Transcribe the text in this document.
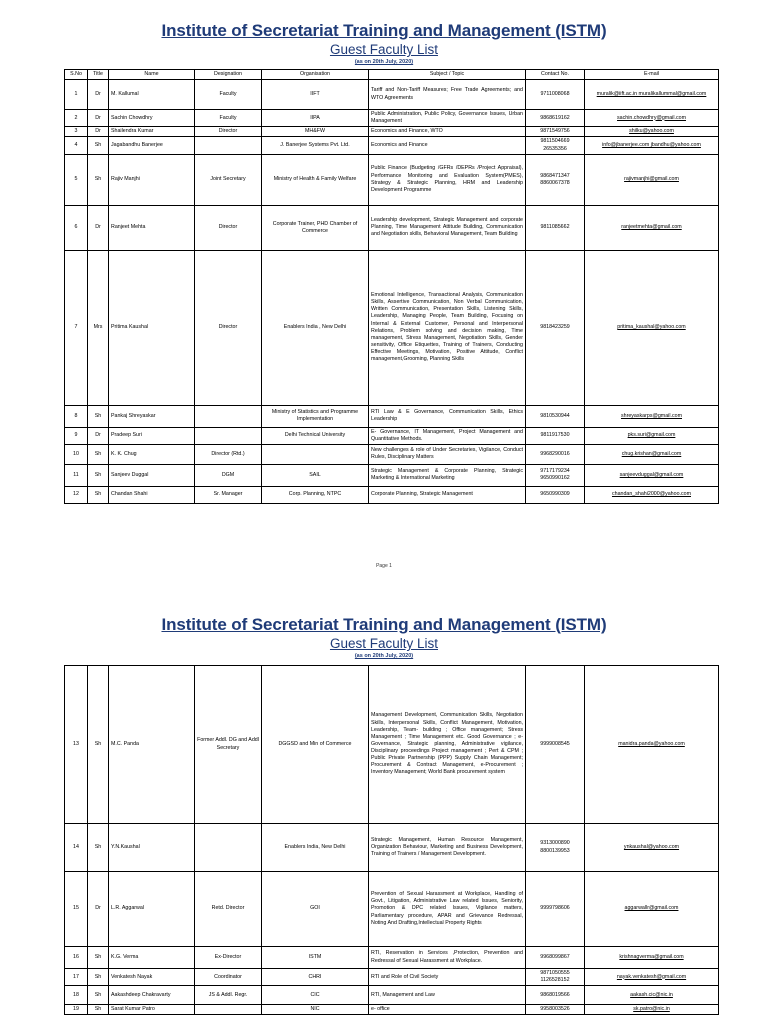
Institute of Secretariat Training and Management (ISTM)
Guest Faculty List
(as on 20th July, 2020)
S.No	Title	Name	Designation	Organisation	Subject / Topic	Contact No.	E-mail
1	Dr	M. Kallumal	Faculty	IIFT	Tariff and Non-Tariff Measures; Free Trade Agreements; and WTO Agreements	9711008068	muralik@iift.ac.in muralikallummal@gmail.com
2	Dr	Sachin Chowdhry	Faculty	IIPA	Public Administration, Public Policy, Governance Issues, Urban Management	9868619162	sachin.chowdhry@gmail.com
3	Dr	Shailendra Kumar	Director	MH&FW	Economics and Finance, WTO	9871549756	shilku@yahoo.com
4	Sh	Jagabandhu Banerjee		J. Banerjee Systems Pvt. Ltd.	Economics and Finance	9811504669 26535356	info@jbanerjee.com jbandhu@yahoo.com
5	Sh	Rajiv Manjhi	Joint Secretary	Ministry of Health & Family Welfare	Public Finance (Budgeting /GFRs /DEPRs /Project Appraisal), Performance Monitoring and Evaluation System(PMES), Strategy & Strategic Planning, HRM and Leadership Development Programme	9868471347 8860067378	rajivmanjhi@gmail.com
6	Dr	Ranjeet Mehta	Director	Corporate Trainer, PHD Chamber of Commerce	Leadership development, Strategic Management and corporate Planning, Time Management Attitude Building, Communication and Negotiation skills, Behavioral Management, Team Building	9811085662	ranjeetmehta@gmail.com
7	Mrs	Pritima Kaushal	Director	Enablers India , New Delhi	Emotional Intelligence, Transactional Analysis, Communication Skills, Assertive Communication, Non Verbal Communication, Written Communication, Presentation Skills, Listening Skills, Leadership, Managing People, Team Building, Focusing on Internal & External Customer, Personal and Interpersonal Relations, Problem solving and decision making, Time management, Stress Management, Negotiation Skills, Gender sensitivity, Office Etiquettes, Training of Trainers, Conducting Effective Meetings, Motivation, Positive Attitude, Conflict management,Grooming, Planning Skills	9818423259	pritima_kaushal@yahoo.com
8	Sh	Pankaj Shreyaskar		Ministry of Statistics and Programme Implementation	RTI Law & E Governance, Communication Skills, Ethics Leadership	9810530944	shreyaskarps@gmail.com
9	Dr	Pradeep Suri		Delhi Technical University	E- Governance, IT Management, Project Management and Quantitative Methods.	9811917530	pks.suri@gmail.com
10	Sh	K. K. Chug	Director (Rtd.)		New challenges & role of Under Secretaries, Vigilance, Conduct Rules, Disciplinary Matters	9968290016	chug.krishan@gmail.com
11	Sh	Sanjeev Duggal	DGM	SAIL	Strategic Management & Corporate Planning, Strategic Marketing & International Marketing	9717179234 9650990162	sanjeevduggal@gmail.com
12	Sh	Chandan Shahi	Sr. Manager	Corp. Planning, NTPC	Corporate Planning, Strategic Management	9650990309	chandan_shahi2000@yahoo.com
Page 1
Institute of Secretariat Training and Management (ISTM)
Guest Faculty List
(as on 20th July, 2020)
13	Sh	M.C. Panda	Former Addl. DG and Addl Secretary	DGGSD and Min of Commerce	Management Development, Communication Skills, Negotiation Skills, Interpersonal Skills, Conflict Management, Motivation, Leadership, Team- building ; Office management; Stress Management ; Time Management etc. Good Governance ; e-Governance, Strategic planning, Administrative vigilance, Disciplinary proceedings Project management ; Pert & CPM ; Public Private Partnership (PPP) Supply Chain Management; Procurement & Contract Management, e-Procurement ; Inventory Management; World Bank procurement system	9999008545	manidra.panda@yahoo.com
14	Sh	Y.N.Kaushal		Enablers India, New Delhi	Strategic Management, Human Resource Management, Organization Behaviour, Marketing and Business Development, Training of Trainers / Management Development.	9313000890 8800139953	ynkaushal@yahoo.com
15	Dr	L.R. Aggarwal	Retd. Director	GOI	Prevention of Sexual Harassment at Workplace, Handling of Govt., Litigation, Administrative Law related Issues, Seniority, Promotion & DPC related Issues, Vigilance matters, Parliamentary procedure, APAR and Grievance Redressal, Noting And Drafting,Intellectual Property Rights	9999798606	aggarwallr@gmail.com
16	Sh	K.G. Verma	Ex-Director	ISTM	RTI, Reservation in Services ,Protection, Prevention and Redressal of Sexual Harassment at Workplace.	9968099867	krishnagverma@gmail.com
17	Sh	Venkatesh Nayak	Coordinator	CHRI	RTI and Role of Civil Society	9871050555 1126528152	nayak.venkatesh@gmail.com
18	Sh	Aakashdeep Chakravarty	JS & Addl. Regr.	CIC	RTI, Management and Law	9868019566	aakash.cic@nic.in
19	Sh	Sarat Kumar Patro		NIC	e- office	9958003526	sk.patro@nic.in
